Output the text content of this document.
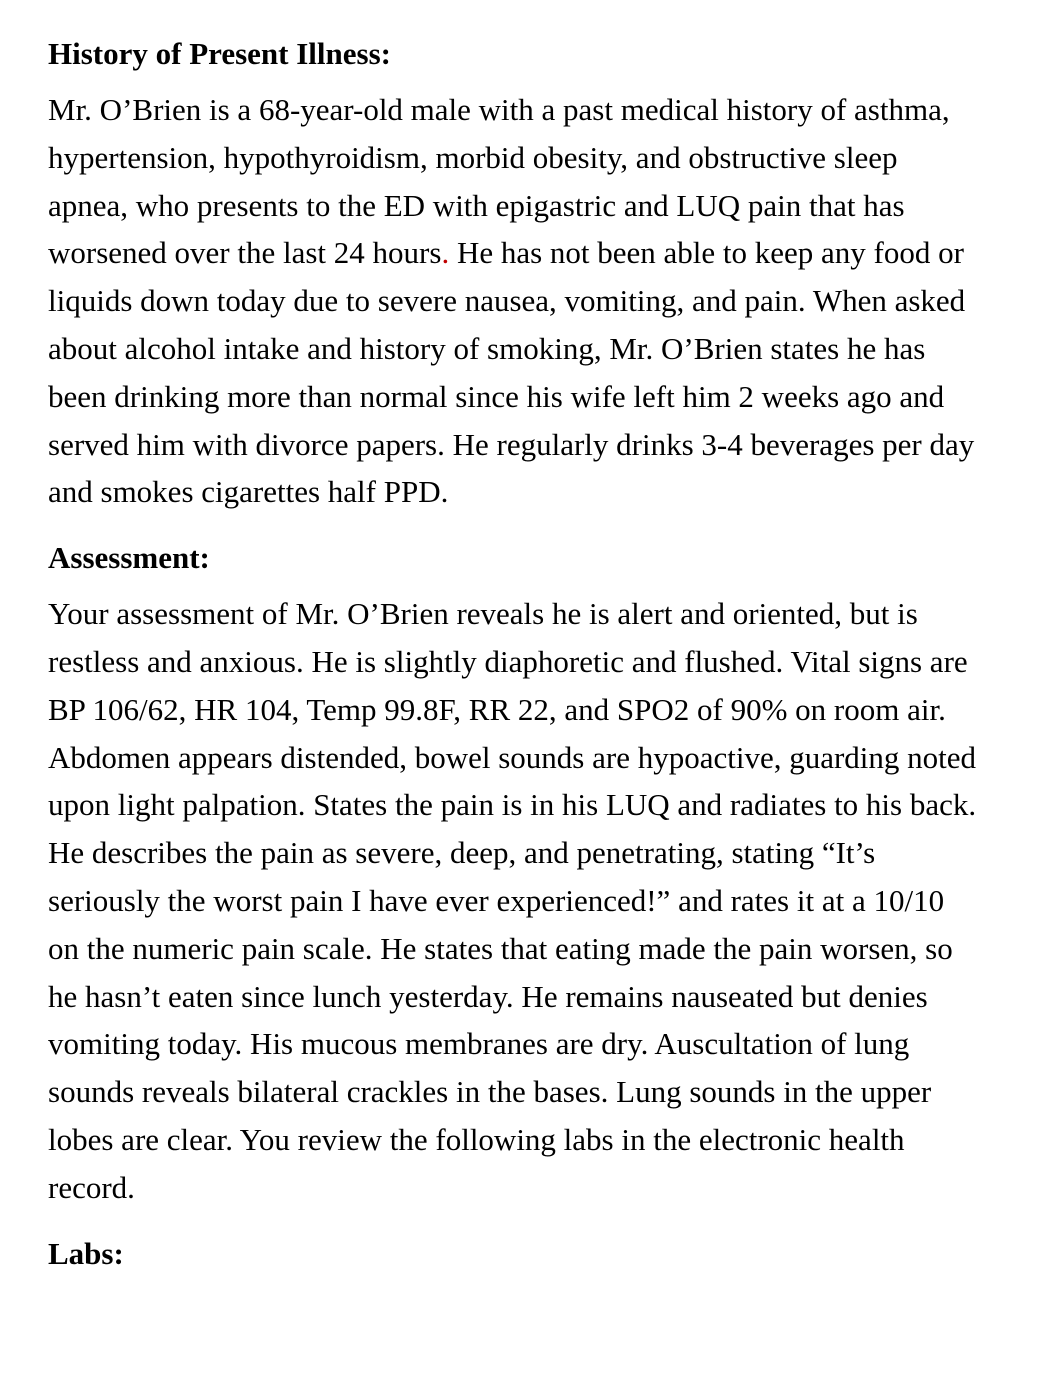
History of Present Illness:

Mr. O’Brien is a 68-year-old male with a past medical history of asthma, hypertension, hypothyroidism, morbid obesity, and obstructive sleep apnea, who presents to the ED with epigastric and LUQ pain that has worsened over the last 24 hours. He has not been able to keep any food or liquids down today due to severe nausea, vomiting, and pain. When asked about alcohol intake and history of smoking, Mr. O’Brien states he has been drinking more than normal since his wife left him 2 weeks ago and served him with divorce papers. He regularly drinks 3-4 beverages per day and smokes cigarettes half PPD.

Assessment:

Your assessment of Mr. O’Brien reveals he is alert and oriented, but is restless and anxious. He is slightly diaphoretic and flushed. Vital signs are BP 106/62, HR 104, Temp 99.8F, RR 22, and SPO2 of 90% on room air. Abdomen appears distended, bowel sounds are hypoactive, guarding noted upon light palpation. States the pain is in his LUQ and radiates to his back. He describes the pain as severe, deep, and penetrating, stating “It’s seriously the worst pain I have ever experienced!” and rates it at a 10/10 on the numeric pain scale. He states that eating made the pain worsen, so he hasn’t eaten since lunch yesterday. He remains nauseated but denies vomiting today. His mucous membranes are dry. Auscultation of lung sounds reveals bilateral crackles in the bases. Lung sounds in the upper lobes are clear. You review the following labs in the electronic health record.

Labs:
